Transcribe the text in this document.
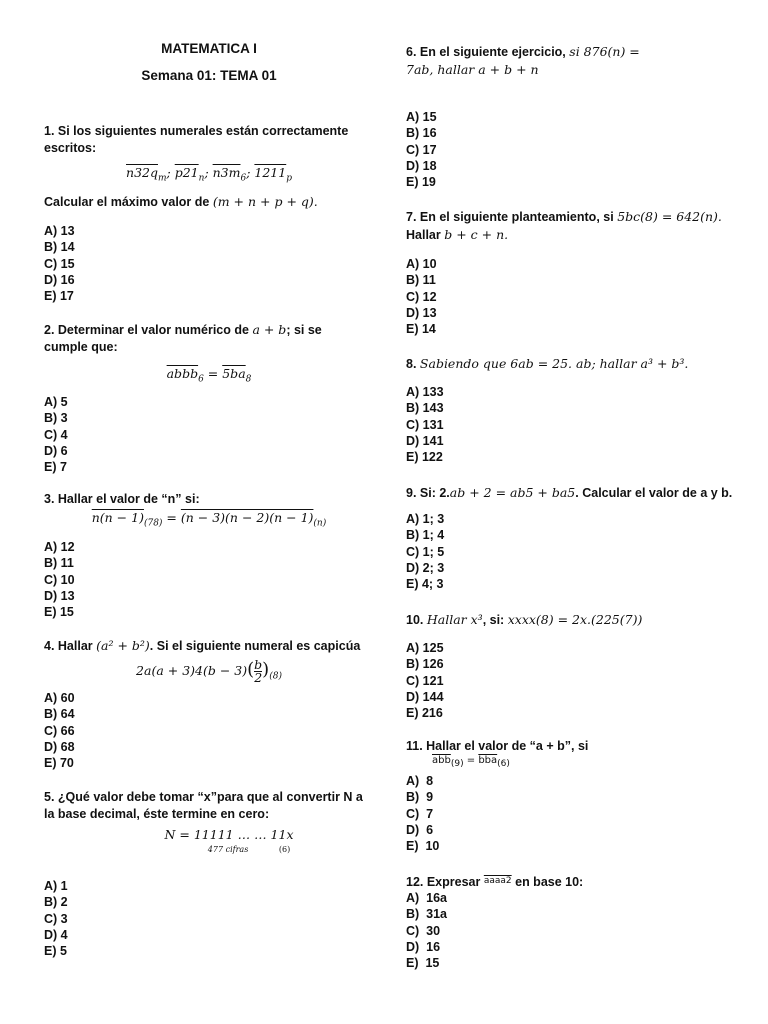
MATEMATICA I
Semana 01: TEMA 01
1. Si los siguientes numerales están correctamente escritos:
$n32q_m$; $p21_n$; $n3m_6$; $1211_p$
Calcular el máximo valor de (m + n + p + q).
A) 13
B) 14
C) 15
D) 16
E) 17
2. Determinar el valor numérico de a + b; si se cumple que:
abbb$_6$ = $5ba_8$
A) 5
B) 3
C) 4
D) 6
E) 7
3. Hallar el valor de “n” si:
$n(n - 1)_{(78)} = (n - 3)(n - 2)(n - 1)_{(n)}$
A) 12
B) 11
C) 10
D) 13
E) 15
4. Hallar (a² + b²). Si el siguiente numeral es capicúa
$2a(a + 3)4(b - 3)( \frac{b}{2} )_{(8)}$
A) 60
B) 64
C) 66
D) 68
E) 70
5. ¿Qué valor debe tomar “x”para que al convertir N a la base decimal, éste termine en cero:
N = 11111 … … 11x
477 cifras	(6)
A) 1
B) 2
C) 3
D) 4
E) 5
6. En el siguiente ejercicio, si 876(n) = 7ab, hallar a + b + n
A) 15
B) 16
C) 17
D) 18
E) 19
7. En el siguiente planteamiento, si 5bc(8) = 642(n). Hallar b + c + n.
A) 10
B) 11
C) 12
D) 13
E) 14
8. Sabiendo que 6ab = 25. ab; hallar a³ + b³.
A) 133
B) 143
C) 131
D) 141
E) 122
9. Si: 2.ab + 2 = ab5 + ba5. Calcular el valor de a y b.
A) 1; 3
B) 1; 4
C) 1; 5
D) 2; 3
E) 4; 3
10. Hallar x³, si: xxxx(8) = 2x.(225(7))
A) 125
B) 126
C) 121
D) 144
E) 216
11. Hallar el valor de “a + b”, si
$\overline{abb}_{(9)} = \overline{bba}_{(6)}$
A)  8
B)  9
C)  7
D)  6
E)  10
12. Expresar $^{aaaa2}$ en base 10:
A)  16a
B)  31a
C)  30
D)  16
E)  15
